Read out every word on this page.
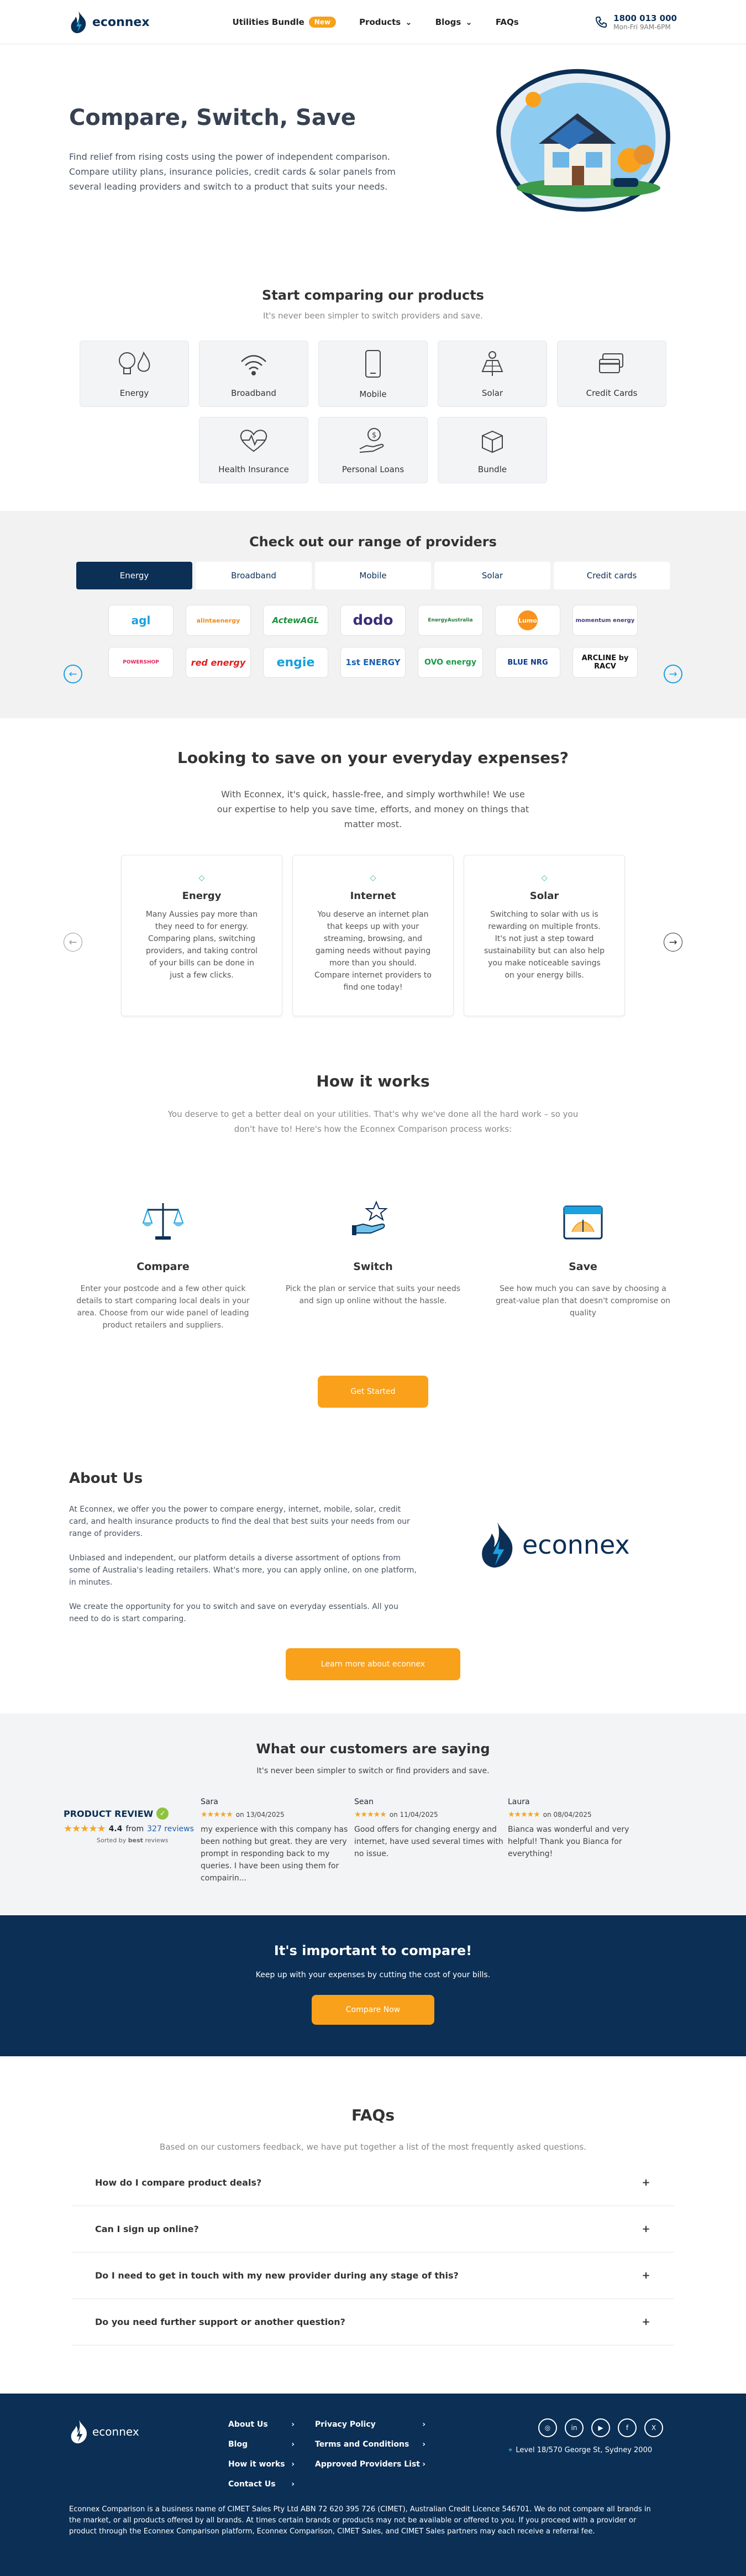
econnex	Utilities Bundle	New	Products ⌄	Blogs ⌄	FAQs	1800 013 000
Mon-Fri 9AM-6PM
Compare, Switch, Save

Find relief from rising costs using the power of independent comparison. Compare utility plans, insurance policies, credit cards & solar panels from several leading providers and switch to a product that suits your needs.

Start comparing our products

It's never been simpler to switch providers and save.

Energy	Broadband	Mobile	Solar	Credit Cards
Health Insurance
$
Personal Loans	Bundle
Check out our range of providers
Energy	Broadband	Mobile	Solar	Credit cards
←	→
agl	alintaenergy	ActewAGL	dodo	EnergyAustralia	Lumo	momentum energy
POWERSHOP	red energy	engie	1st ENERGY	OVO energy	BLUE NRG	ARCLINE by RACV
Looking to save on your everyday expenses?

With Econnex, it's quick, hassle-free, and simply worthwhile! We use our expertise to help you save time, efforts, and money on things that matter most.

←	→
◇
Energy

Many Aussies pay more than they need to for energy. Comparing plans, switching providers, and taking control of your bills can be done in just a few clicks.

◇
Internet

You deserve an internet plan that keeps up with your streaming, browsing, and gaming needs without paying more than you should. Compare internet providers to find one today!

◇
Solar

Switching to solar with us is rewarding on multiple fronts. It's not just a step toward sustainability but can also help you make noticeable savings on your energy bills.

How it works

You deserve to get a better deal on your utilities. That's why we've done all the hard work – so you don't have to! Here's how the Econnex Comparison process works:

Compare

Enter your postcode and a few other quick details to start comparing local deals in your area. Choose from our wide panel of leading product retailers and suppliers.

Switch

Pick the plan or service that suits your needs and sign up online without the hassle.

Save

See how much you can save by choosing a great-value plan that doesn't compromise on quality

Get Started
About Us

At Econnex, we offer you the power to compare energy, internet, mobile, solar, credit card, and health insurance products to find the deal that best suits your needs from our range of providers.

Unbiased and independent, our platform details a diverse assortment of options from some of Australia's leading retailers. What's more, you can apply online, on one platform, in minutes.

We create the opportunity for you to switch and save on everyday essentials. All you need to do is start comparing.

econnex
Learn more about econnex
What our customers are saying

It's never been simpler to switch or find providers and save.

PRODUCT REVIEW ✓
★★★★★ 4.4 from 327 reviews
Sorted by best reviews
Sara
★★★★★ on 13/04/2025

my experience with this company has been nothing but great. they are very prompt in responding back to my queries. I have been using them for compairin...

Sean
★★★★★ on 11/04/2025

Good offers for changing energy and internet, have used several times with no issue.

Laura
★★★★★ on 08/04/2025

Bianca was wonderful and very helpful! Thank you Bianca for everything!

It's important to compare!

Keep up with your expenses by cutting the cost of your bills.

Compare Now
FAQs

Based on our customers feedback, we have put together a list of the most frequently asked questions.

How do I compare product deals?	+
Can I sign up online?	+
Do I need to get in touch with my new provider during any stage of this?	+
Do you need further support or another question?	+
econnex
About Us	›
Blog	›
How it works ›
Contact Us ›
Privacy Policy	›
Terms and Conditions ›
Approved Providers List ›
◎	in	▶	f	X
⌖ Level 18/570 George St, Sydney 2000

Econnex Comparison is a business name of CIMET Sales Pty Ltd ABN 72 620 395 726 (CIMET), Australian Credit Licence 546701. We do not compare all brands in the market, or all products offered by all brands. At times certain brands or products may not be available or offered to you. If you proceed with a provider or product through the Econnex Comparison platform, Econnex Comparison, CIMET Sales, and CIMET Sales partners may each receive a referral fee.
